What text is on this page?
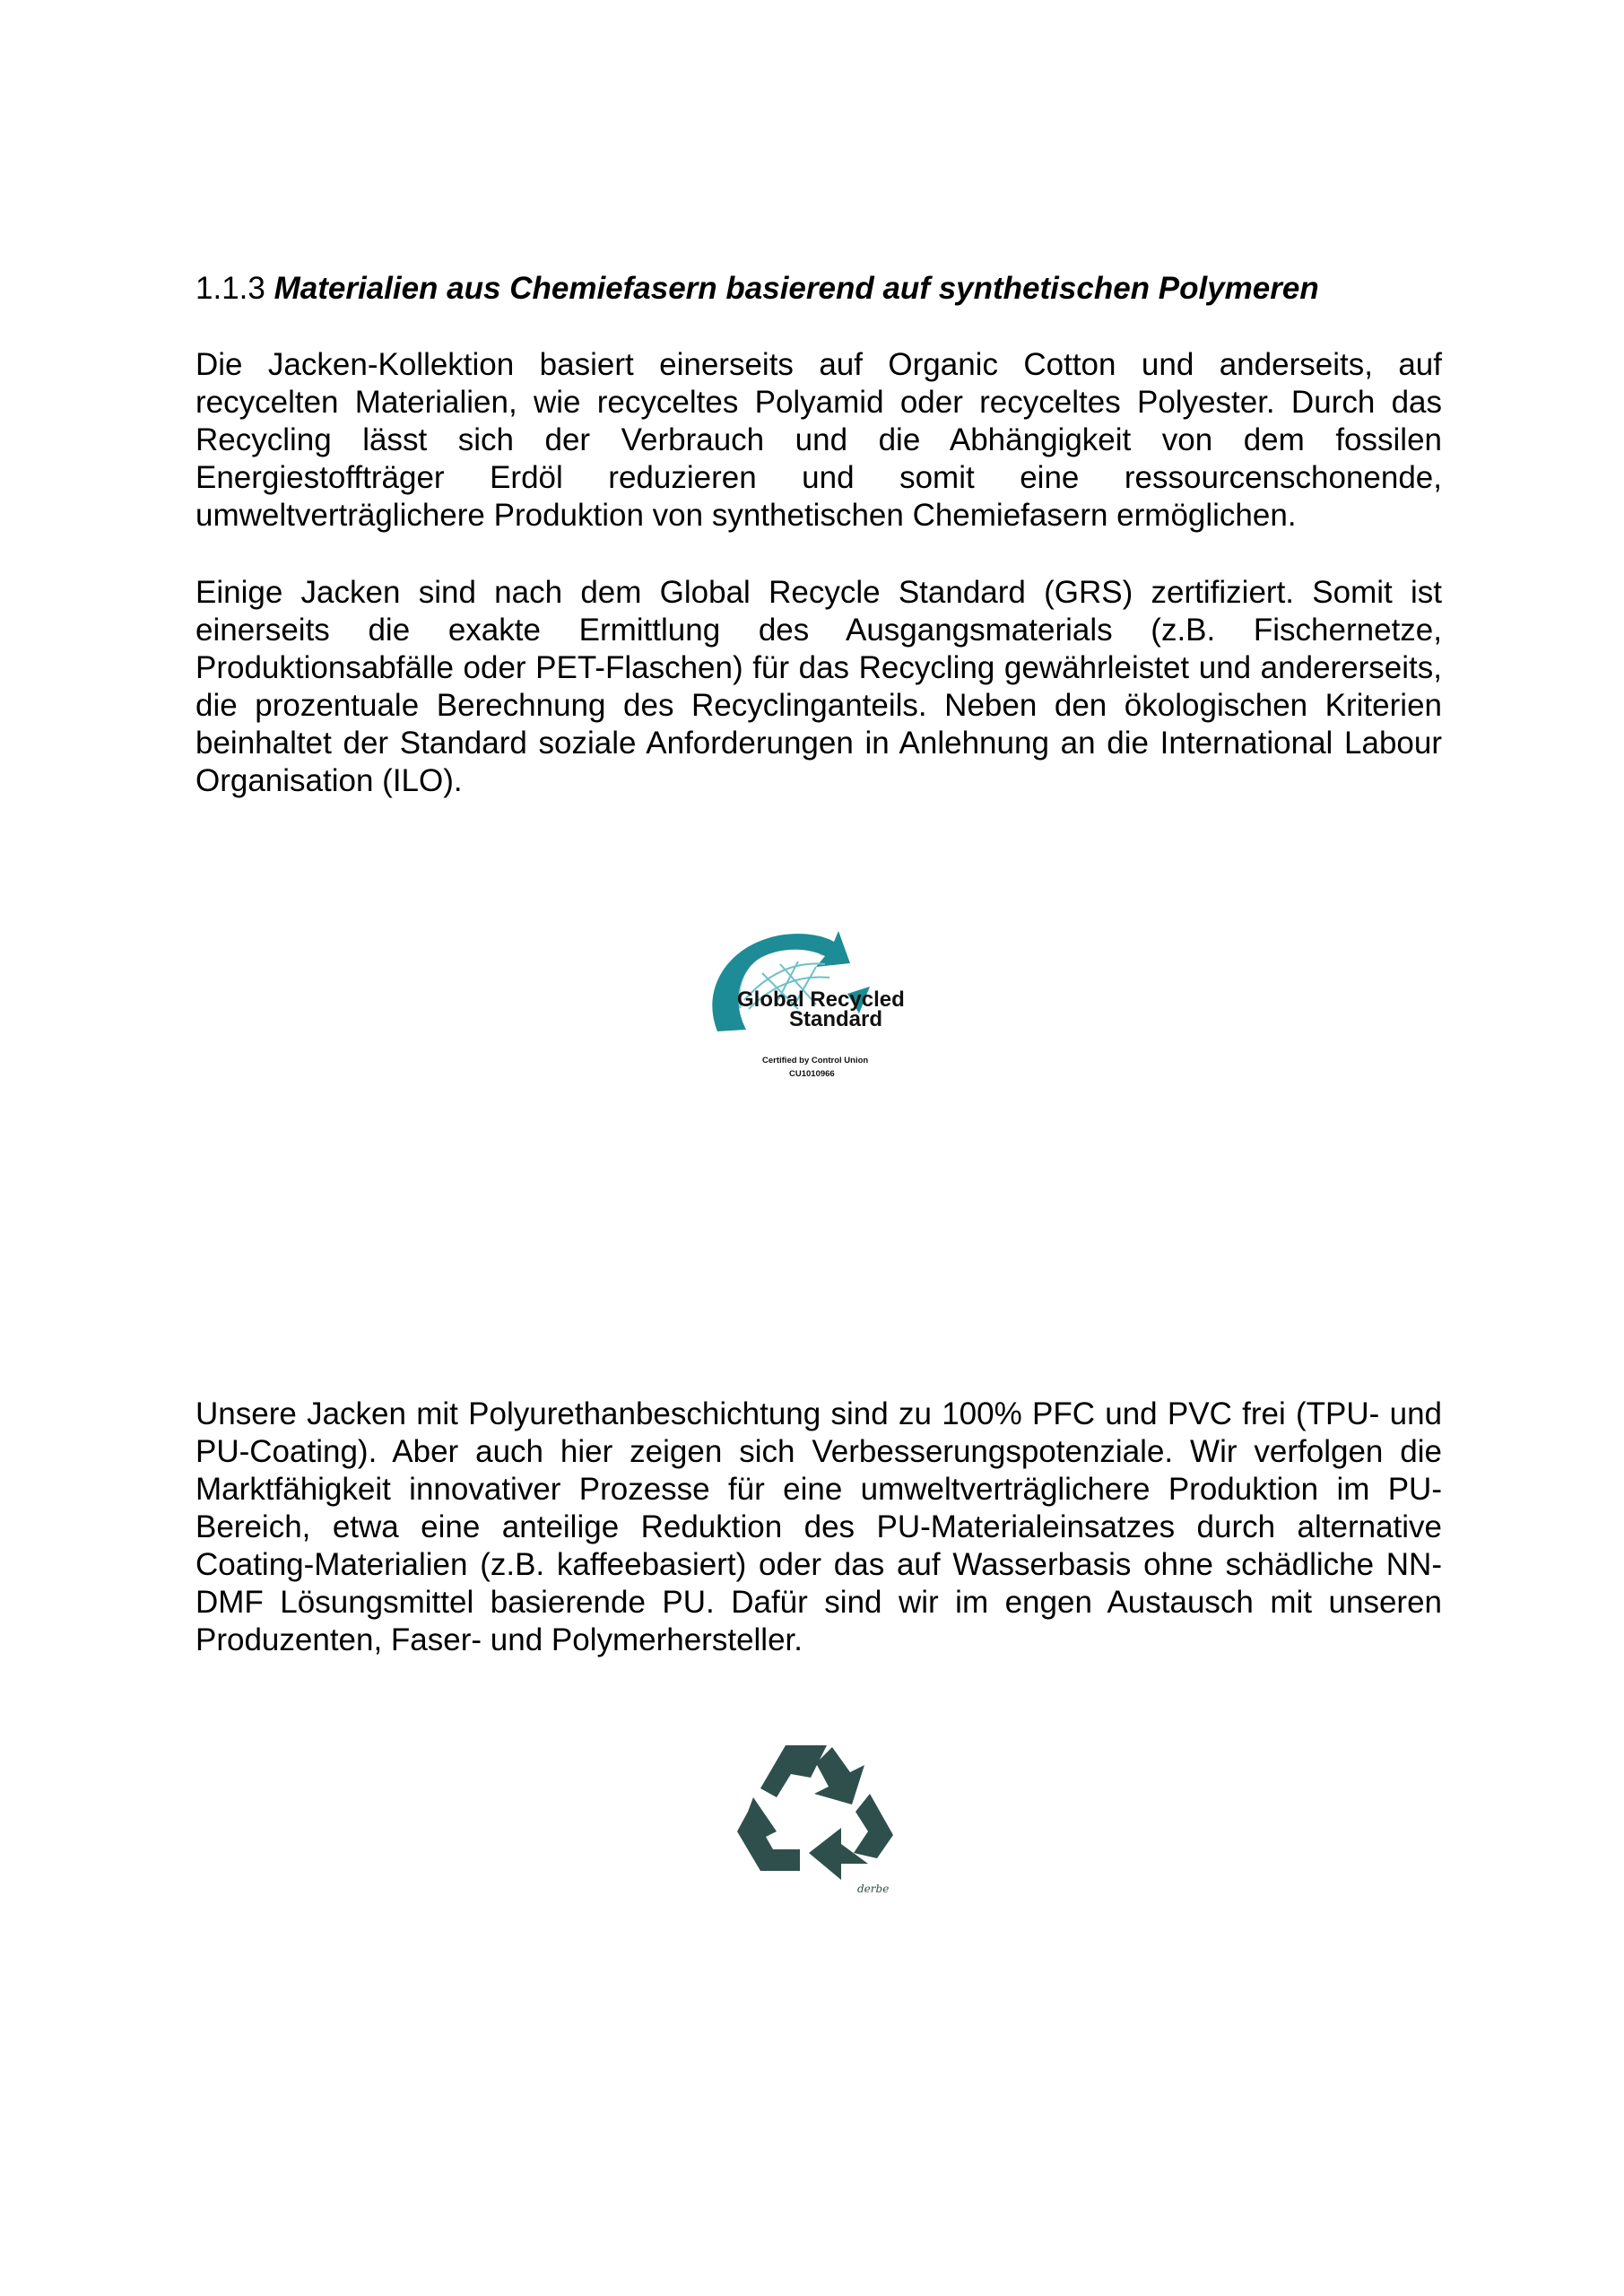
1.1.3 Materialien aus Chemiefasern basierend auf synthetischen Polymeren

Die Jacken-Kollektion basiert einerseits auf Organic Cotton und anderseits, auf recycelten Materialien, wie recyceltes Polyamid oder recyceltes Polyester. Durch das Recycling lässt sich der Verbrauch und die Abhängigkeit von dem fossilen Energiestoffträger Erdöl reduzieren und somit eine ressourcenschonende, umweltverträglichere Produktion von synthetischen Chemiefasern ermöglichen.

Einige Jacken sind nach dem Global Recycle Standard (GRS) zertifiziert. Somit ist einerseits die exakte Ermittlung des Ausgangsmaterials (z.B. Fischernetze, Produktionsabfälle oder PET-Flaschen) für das Recycling gewährleistet und andererseits, die prozentuale Berechnung des Recyclinganteils. Neben den ökologischen Kriterien beinhaltet der Standard soziale Anforderungen in Anlehnung an die International Labour Organisation (ILO).

Global Recycled
Standard
Certified by Control Union
CU1010966

Unsere Jacken mit Polyurethanbeschichtung sind zu 100% PFC und PVC frei (TPU- und PU-Coating). Aber auch hier zeigen sich Verbesserungspotenziale. Wir verfolgen die Marktfähigkeit innovativer Prozesse für eine umweltverträglichere Produktion im PU-Bereich, etwa eine anteilige Reduktion des PU-Materialeinsatzes durch alternative Coating-Materialien (z.B. kaffeebasiert) oder das auf Wasserbasis ohne schädliche NN-DMF Lösungsmittel basierende PU. Dafür sind wir im engen Austausch mit unseren Produzenten, Faser- und Polymerhersteller.

derbe
